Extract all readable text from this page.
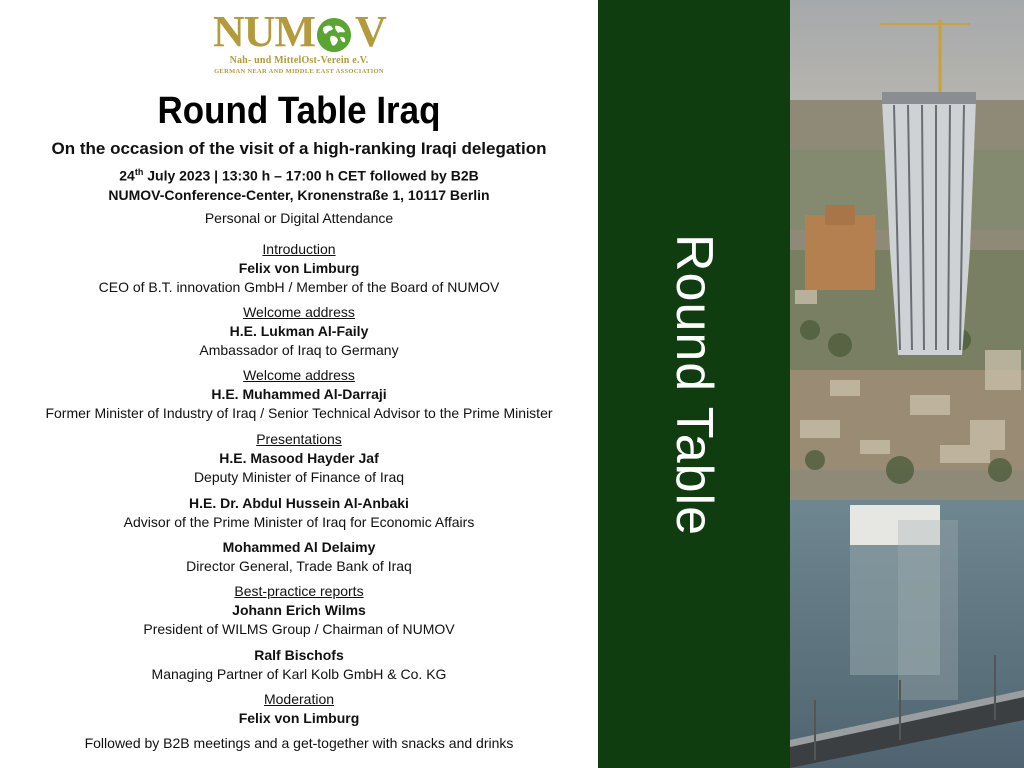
NUM V
Nah- und MittelOst-Verein e.V.
GERMAN NEAR AND MIDDLE EAST ASSOCIATION
Round Table Iraq
On the occasion of the visit of a high-ranking Iraqi delegation
24th July 2023 | 13:30 h – 17:00 h CET followed by B2B
NUMOV-Conference-Center, Kronenstraße 1, 10117 Berlin
Personal or Digital Attendance
Introduction
Felix von Limburg
CEO of B.T. innovation GmbH / Member of the Board of NUMOV
Welcome address
H.E. Lukman Al-Faily
Ambassador of Iraq to Germany
Welcome address
H.E. Muhammed Al-Darraji
Former Minister of Industry of Iraq / Senior Technical Advisor to the Prime Minister
Presentations
H.E. Masood Hayder Jaf
Deputy Minister of Finance of Iraq
H.E. Dr. Abdul Hussein Al-Anbaki
Advisor of the Prime Minister of Iraq for Economic Affairs
Mohammed Al Delaimy
Director General, Trade Bank of Iraq
Best-practice reports
Johann Erich Wilms
President of WILMS Group / Chairman of NUMOV
Ralf Bischofs
Managing Partner of Karl Kolb GmbH & Co. KG
Moderation
Felix von Limburg
Followed by B2B meetings and a get-together with snacks and drinks
Round Table
